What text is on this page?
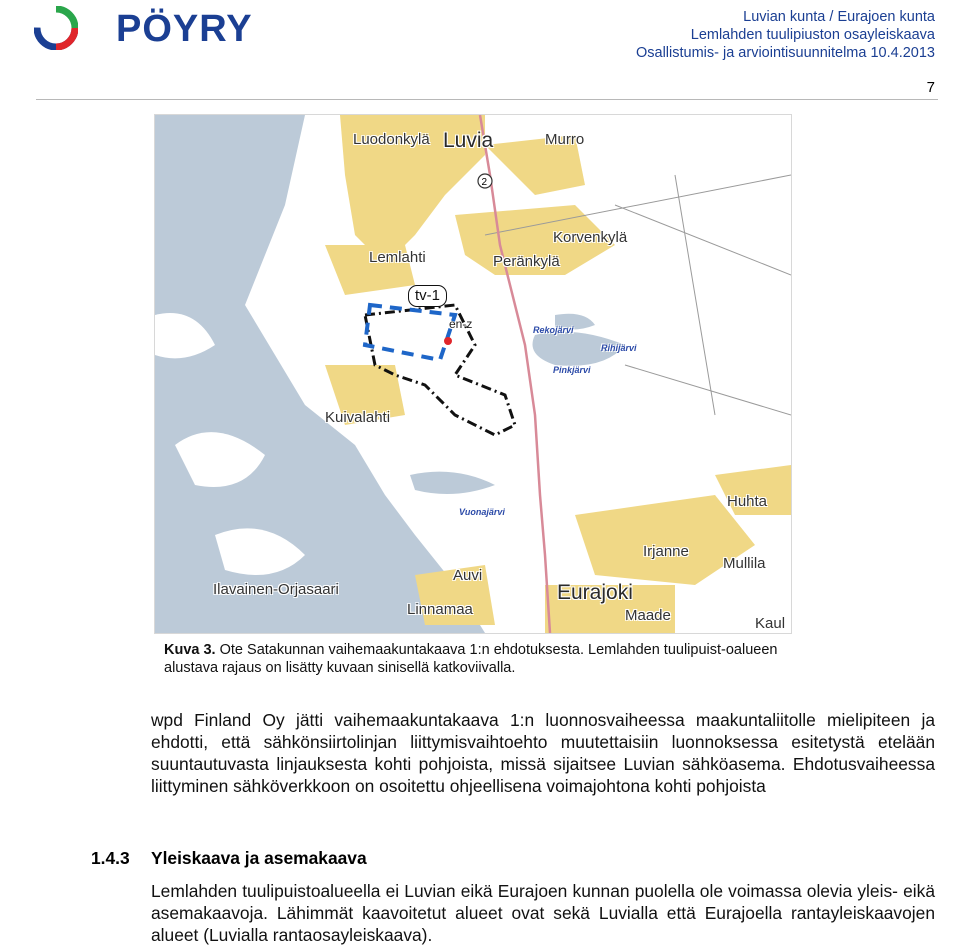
PÖYRY	Luvian kunta / Eurajoen kunta
Lemlahden tuulipiuston osayleiskaava
Osallistumis- ja arviointisuunnitelma 10.4.2013
7
2
Luodonkylä Luvia	Murro
Lemlahti	Peränkylä
Korvenkylä
Kuivalahti
Huhta
Irjanne
Mullila
Auvi
Ilavainen-Orjasaari
Linnamaa
Eurajoki
Maade	Kaul
Rekojärvi
Rihijärvi
Pinkjärvi
Vuonajärvi
tv-1
en-z
Kuva 3. Ote Satakunnan vaihemaakuntakaava 1:n ehdotuksesta. Lemlahden tuulipuist-oalueen alustava rajaus on lisätty kuvaan sinisellä katkoviivalla.
wpd Finland Oy jätti vaihemaakuntakaava 1:n luonnosvaiheessa maakuntaliitolle mielipiteen ja ehdotti, että sähkönsiirtolinjan liittymisvaihtoehto muutettaisiin luonnoksessa esitetystä etelään suuntautuvasta linjauksesta kohti pohjoista, missä sijaitsee Luvian sähköasema. Ehdotusvaiheessa liittyminen sähköverkkoon on osoitettu ohjeellisena voimajohtona kohti pohjoista
1.4.3 Yleiskaava ja asemakaava
Lemlahden tuulipuistoalueella ei Luvian eikä Eurajoen kunnan puolella ole voimassa olevia yleis- eikä asemakaavoja. Lähimmät kaavoitetut alueet ovat sekä Luvialla että Eurajoella rantayleiskaavojen alueet (Luvialla rantaosayleiskaava).
